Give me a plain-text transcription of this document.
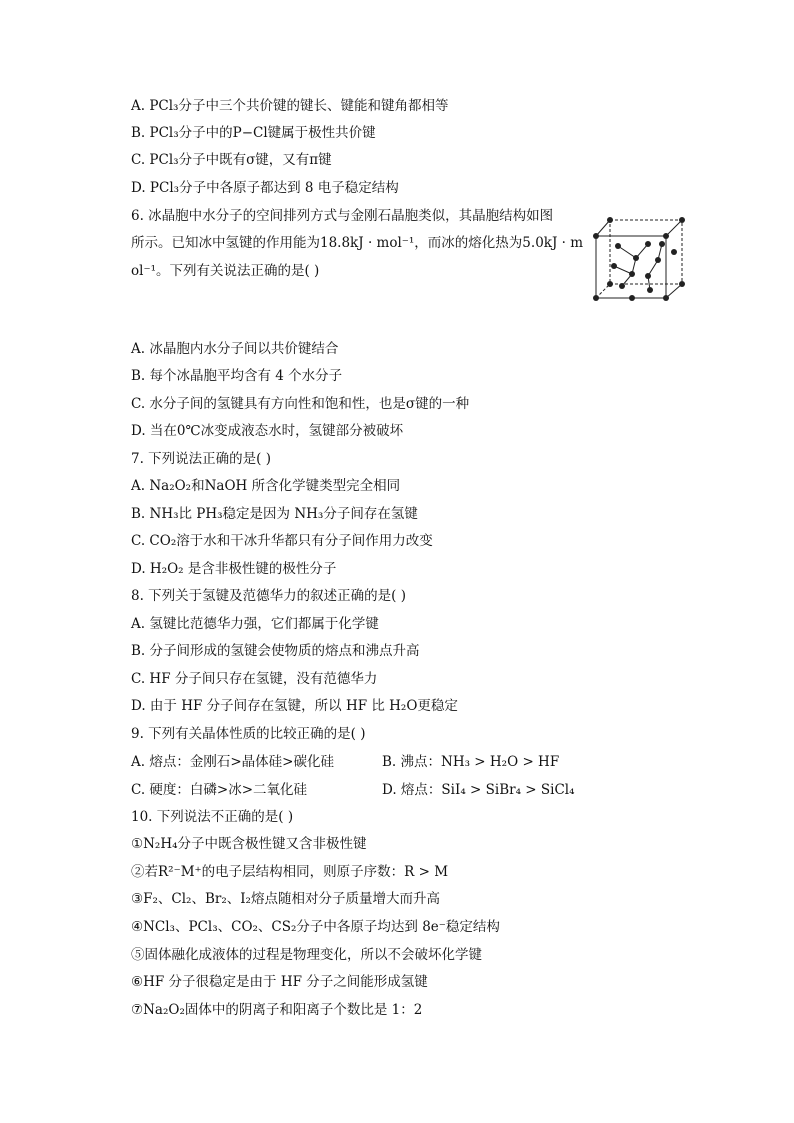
A. PCl₃分子中三个共价键的键长、键能和键角都相等
B. PCl₃分子中的P−Cl键属于极性共价键
C. PCl₃分子中既有σ键，又有π键
D. PCl₃分子中各原子都达到 8 电子稳定结构
6. 冰晶胞中水分子的空间排列方式与金刚石晶胞类似，其晶胞结构如图
所示。已知冰中氢键的作用能为18.8kJ · mol⁻¹，而冰的熔化热为5.0kJ · m
ol⁻¹。下列有关说法正确的是( )
A. 冰晶胞内水分子间以共价键结合
B. 每个冰晶胞平均含有 4 个水分子
C. 水分子间的氢键具有方向性和饱和性，也是σ键的一种
D. 当在0℃冰变成液态水时，氢键部分被破坏
7. 下列说法正确的是( )
A. Na₂O₂和NaOH 所含化学键类型完全相同
B. NH₃比 PH₃稳定是因为 NH₃分子间存在氢键
C. CO₂溶于水和干冰升华都只有分子间作用力改变
D. H₂O₂ 是含非极性键的极性分子
8. 下列关于氢键及范德华力的叙述正确的是( )
A. 氢键比范德华力强，它们都属于化学键
B. 分子间形成的氢键会使物质的熔点和沸点升高
C. HF 分子间只存在氢键，没有范德华力
D. 由于 HF 分子间存在氢键，所以 HF 比 H₂O更稳定
9. 下列有关晶体性质的比较正确的是( )
A. 熔点：金刚石>晶体硅>碳化硅	B. 沸点：NH₃ > H₂O > HF
C. 硬度：白磷>冰>二氧化硅	D. 熔点：SiI₄ > SiBr₄ > SiCl₄
10. 下列说法不正确的是( )
①N₂H₄分子中既含极性键又含非极性键
②若R²⁻M⁺的电子层结构相同，则原子序数：R > M
③F₂、Cl₂、Br₂、I₂熔点随相对分子质量增大而升高
④NCl₃、PCl₃、CO₂、CS₂分子中各原子均达到 8e⁻稳定结构
⑤固体融化成液体的过程是物理变化，所以不会破坏化学键
⑥HF 分子很稳定是由于 HF 分子之间能形成氢键
⑦Na₂O₂固体中的阴离子和阳离子个数比是 1：2
